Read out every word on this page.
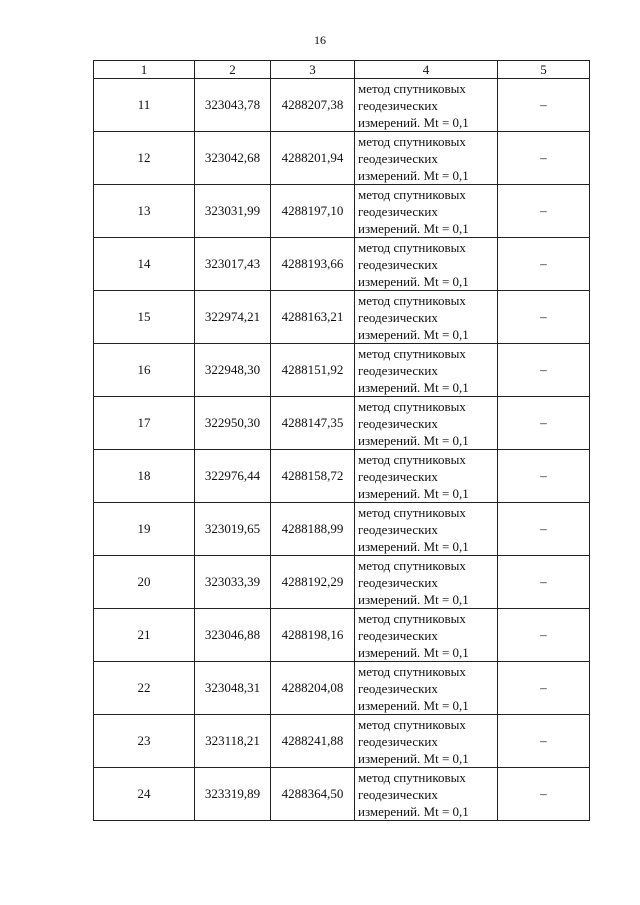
16
1	2	3	4	5
11	323043,78	4288207,38	метод спутниковых
геодезических
измерений. Mt = 0,1	–
12	323042,68	4288201,94	метод спутниковых
геодезических
измерений. Mt = 0,1	–
13	323031,99	4288197,10	метод спутниковых
геодезических
измерений. Mt = 0,1	–
14	323017,43	4288193,66	метод спутниковых
геодезических
измерений. Mt = 0,1	–
15	322974,21	4288163,21	метод спутниковых
геодезических
измерений. Mt = 0,1	–
16	322948,30	4288151,92	метод спутниковых
геодезических
измерений. Mt = 0,1	–
17	322950,30	4288147,35	метод спутниковых
геодезических
измерений. Mt = 0,1	–
18	322976,44	4288158,72	метод спутниковых
геодезических
измерений. Mt = 0,1	–
19	323019,65	4288188,99	метод спутниковых
геодезических
измерений. Mt = 0,1	–
20	323033,39	4288192,29	метод спутниковых
геодезических
измерений. Mt = 0,1	–
21	323046,88	4288198,16	метод спутниковых
геодезических
измерений. Mt = 0,1	–
22	323048,31	4288204,08	метод спутниковых
геодезических
измерений. Mt = 0,1	–
23	323118,21	4288241,88	метод спутниковых
геодезических
измерений. Mt = 0,1	–
24	323319,89	4288364,50	метод спутниковых
геодезических
измерений. Mt = 0,1	–
